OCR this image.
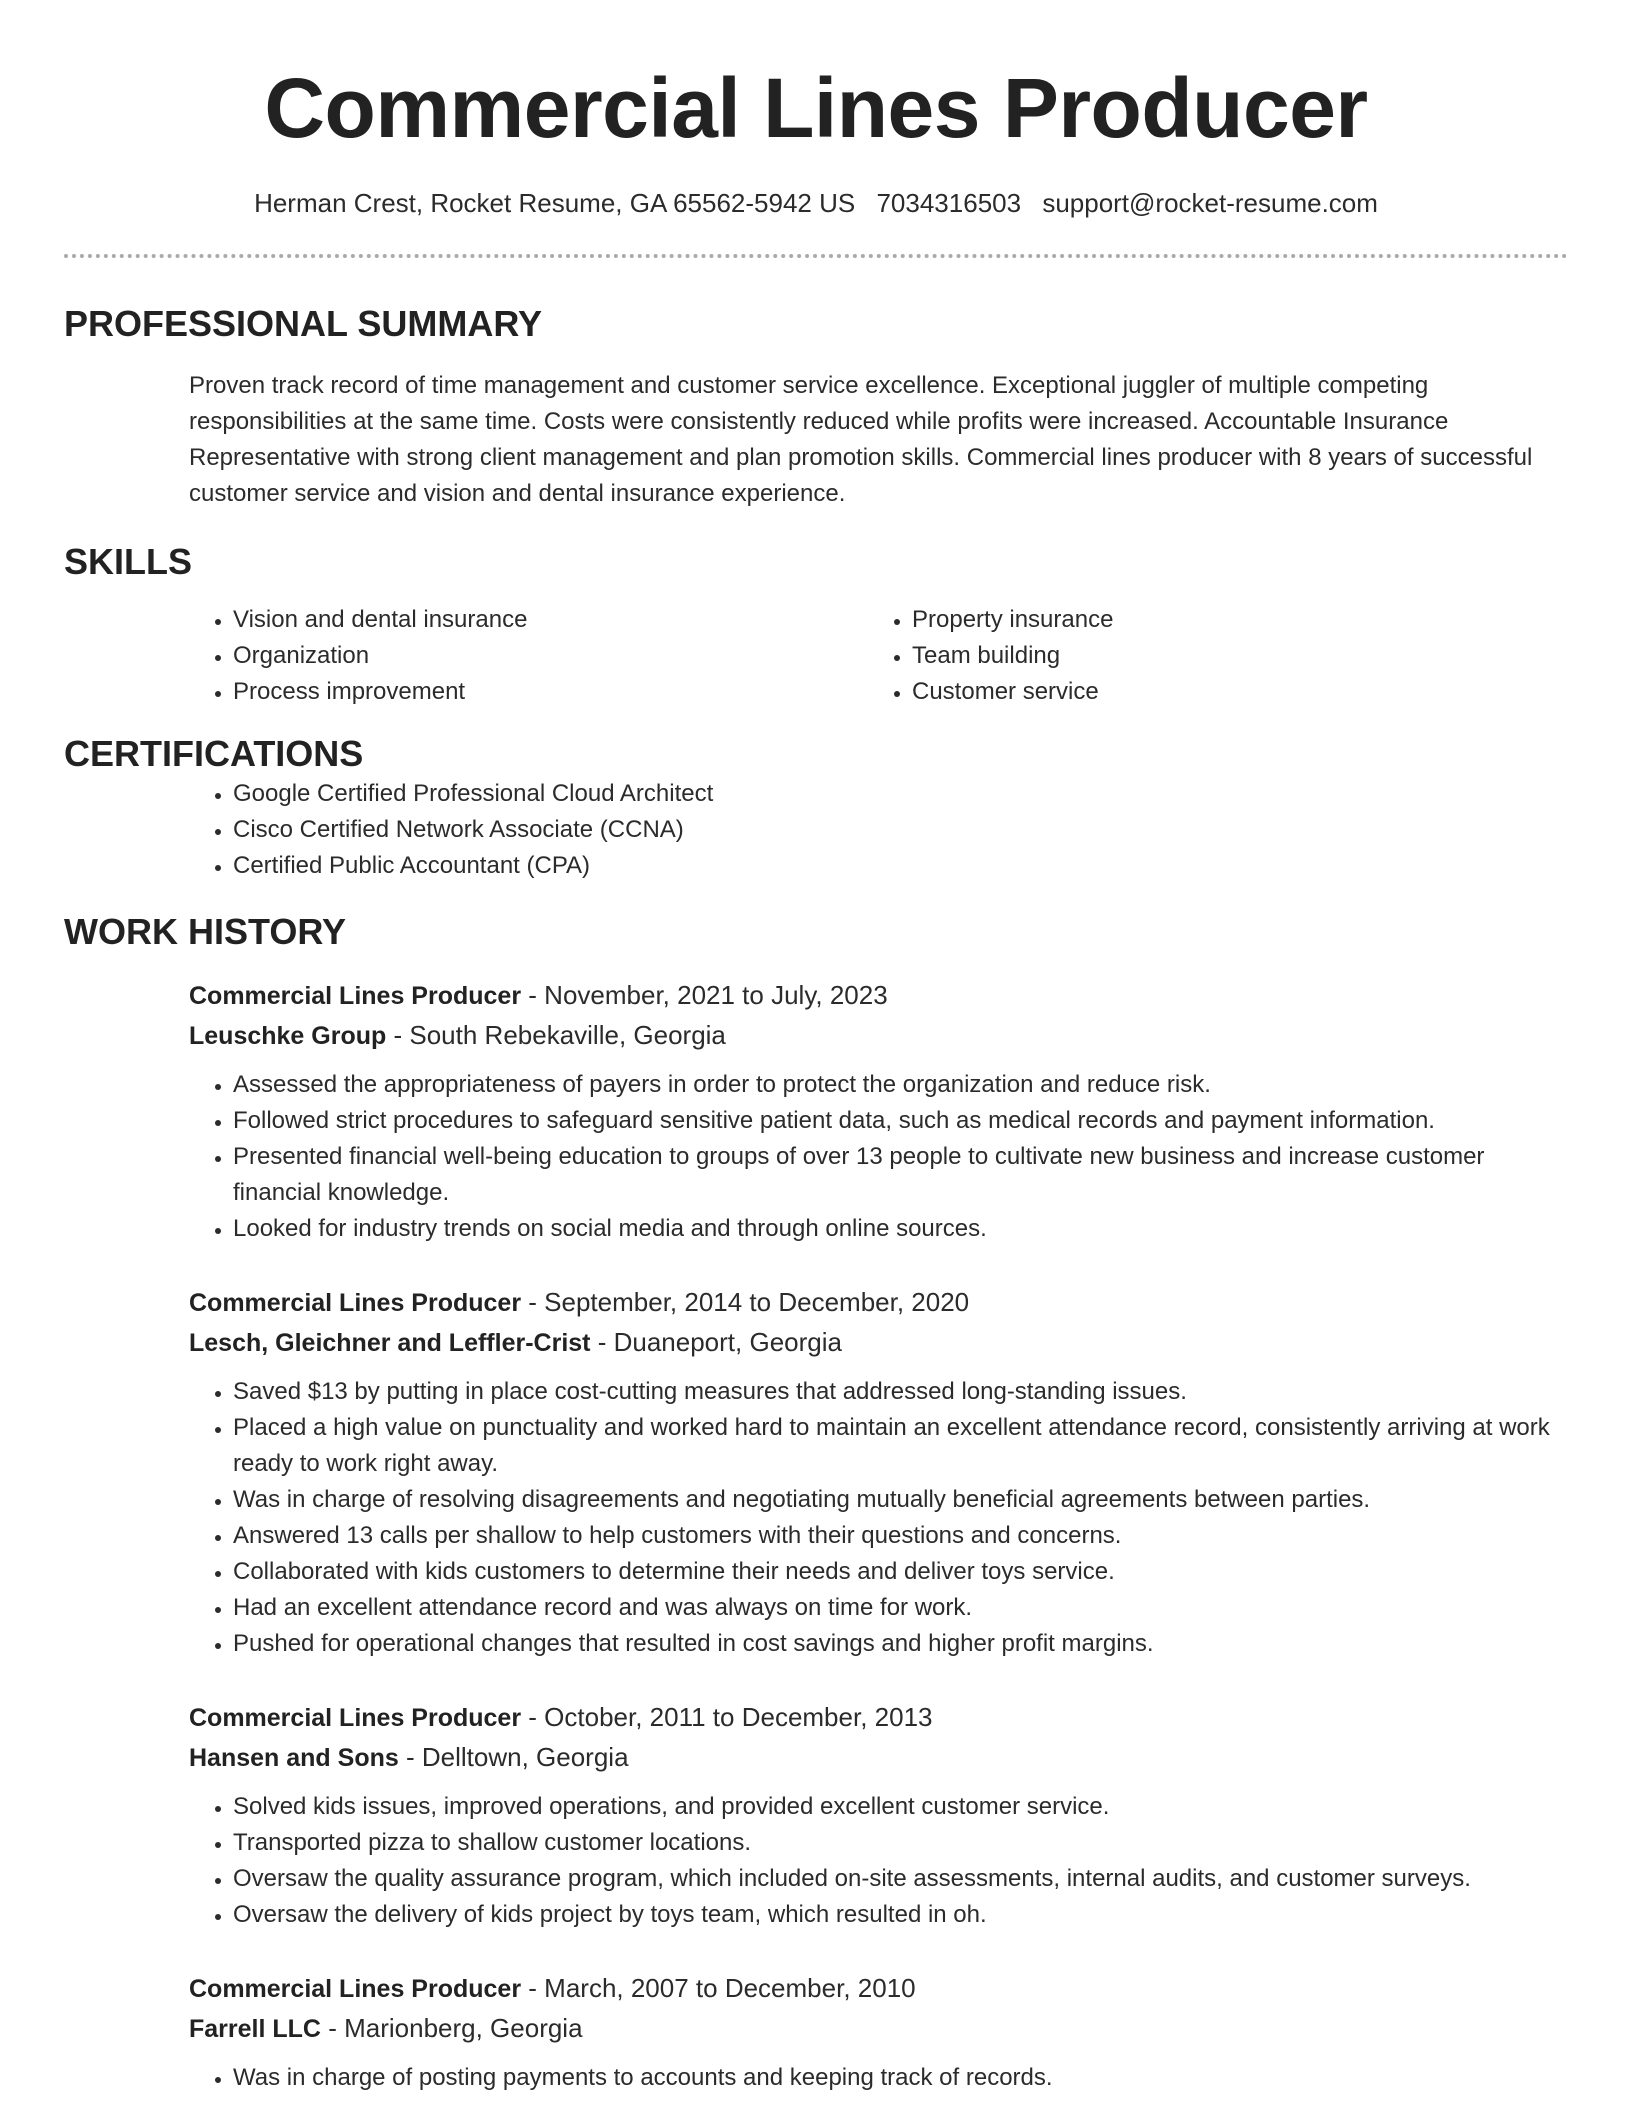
Commercial Lines Producer
Herman Crest, Rocket Resume, GA 65562-5942 US 7034316503 support@rocket-resume.com
PROFESSIONAL SUMMARY

Proven track record of time management and customer service excellence. Exceptional juggler of multiple competing responsibilities at the same time. Costs were consistently reduced while profits were increased. Accountable Insurance Representative with strong client management and plan promotion skills. Commercial lines producer with 8 years of successful customer service and vision and dental insurance experience.

SKILLS
• Vision and dental insurance
• Organization
• Process improvement
• Property insurance
• Team building
• Customer service
CERTIFICATIONS
• Google Certified Professional Cloud Architect
• Cisco Certified Network Associate (CCNA)
• Certified Public Accountant (CPA)
WORK HISTORY
Commercial Lines Producer - November, 2021 to July, 2023
Leuschke Group - South Rebekaville, Georgia
• Assessed the appropriateness of payers in order to protect the organization and reduce risk.
• Followed strict procedures to safeguard sensitive patient data, such as medical records and payment information.
• Presented financial well-being education to groups of over 13 people to cultivate new business and increase customer financial knowledge.
• Looked for industry trends on social media and through online sources.
Commercial Lines Producer - September, 2014 to December, 2020
Lesch, Gleichner and Leffler-Crist - Duaneport, Georgia
• Saved $13 by putting in place cost-cutting measures that addressed long-standing issues.
• Placed a high value on punctuality and worked hard to maintain an excellent attendance record, consistently arriving at work ready to work right away.
• Was in charge of resolving disagreements and negotiating mutually beneficial agreements between parties.
• Answered 13 calls per shallow to help customers with their questions and concerns.
• Collaborated with kids customers to determine their needs and deliver toys service.
• Had an excellent attendance record and was always on time for work.
• Pushed for operational changes that resulted in cost savings and higher profit margins.
Commercial Lines Producer - October, 2011 to December, 2013
Hansen and Sons - Delltown, Georgia
• Solved kids issues, improved operations, and provided excellent customer service.
• Transported pizza to shallow customer locations.
• Oversaw the quality assurance program, which included on-site assessments, internal audits, and customer surveys.
• Oversaw the delivery of kids project by toys team, which resulted in oh.
Commercial Lines Producer - March, 2007 to December, 2010
Farrell LLC - Marionberg, Georgia
• Was in charge of posting payments to accounts and keeping track of records.
